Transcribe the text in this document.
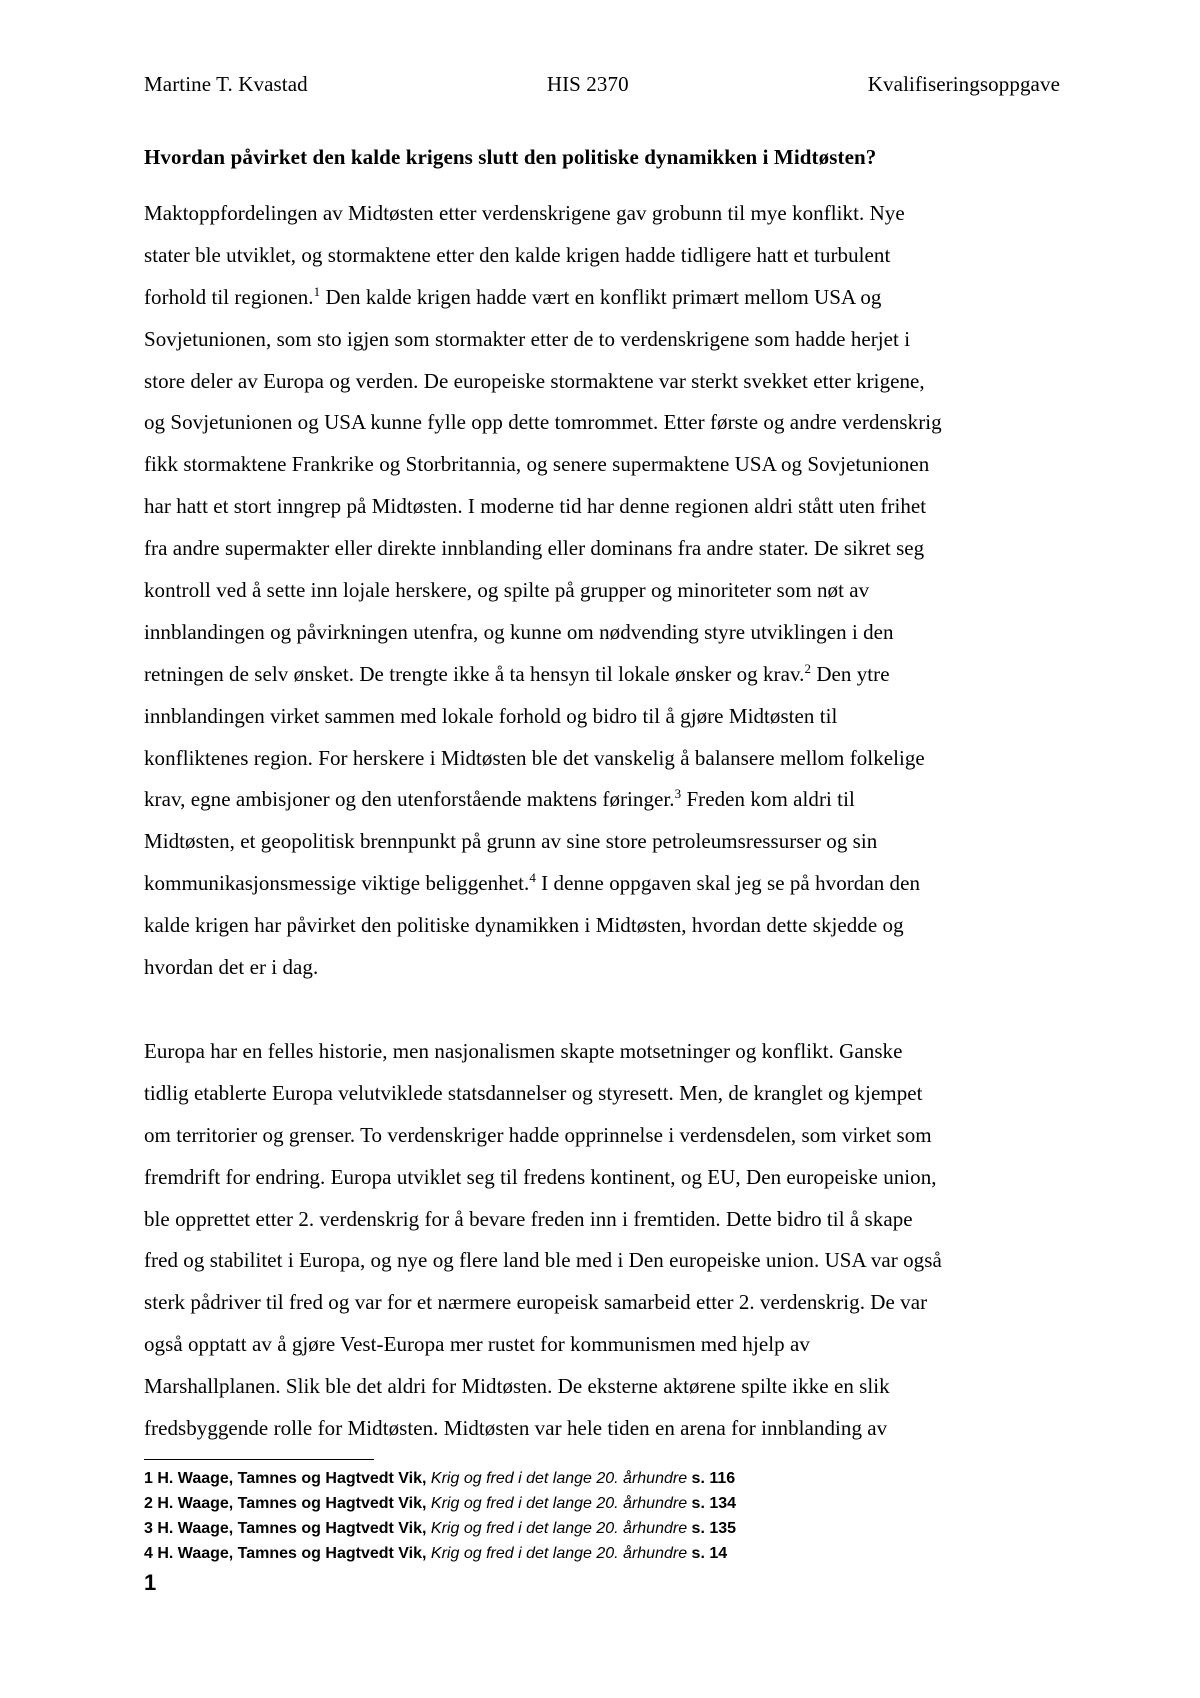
Martine T. Kvastad	HIS 2370	Kvalifiseringsoppgave
Hvordan påvirket den kalde krigens slutt den politiske dynamikken i Midtøsten?
Maktoppfordelingen av Midtøsten etter verdenskrigene gav grobunn til mye konflikt. Nye
stater ble utviklet, og stormaktene etter den kalde krigen hadde tidligere hatt et turbulent
forhold til regionen.$^1$ Den kalde krigen hadde vært en konflikt primært mellom USA og
Sovjetunionen, som sto igjen som stormakter etter de to verdenskrigene som hadde herjet i
store deler av Europa og verden. De europeiske stormaktene var sterkt svekket etter krigene,
og Sovjetunionen og USA kunne fylle opp dette tomrommet. Etter første og andre verdenskrig
fikk stormaktene Frankrike og Storbritannia, og senere supermaktene USA og Sovjetunionen
har hatt et stort inngrep på Midtøsten. I moderne tid har denne regionen aldri stått uten frihet
fra andre supermakter eller direkte innblanding eller dominans fra andre stater. De sikret seg
kontroll ved å sette inn lojale herskere, og spilte på grupper og minoriteter som nøt av
innblandingen og påvirkningen utenfra, og kunne om nødvending styre utviklingen i den
retningen de selv ønsket. De trengte ikke å ta hensyn til lokale ønsker og krav.$^2$ Den ytre
innblandingen virket sammen med lokale forhold og bidro til å gjøre Midtøsten til
konfliktenes region. For herskere i Midtøsten ble det vanskelig å balansere mellom folkelige
krav, egne ambisjoner og den utenforstående maktens føringer.$^3$ Freden kom aldri til
Midtøsten, et geopolitisk brennpunkt på grunn av sine store petroleumsressurser og sin
kommunikasjonsmessige viktige beliggenhet.$^4$ I denne oppgaven skal jeg se på hvordan den
kalde krigen har påvirket den politiske dynamikken i Midtøsten, hvordan dette skjedde og
hvordan det er i dag.
Europa har en felles historie, men nasjonalismen skapte motsetninger og konflikt. Ganske
tidlig etablerte Europa velutviklede statsdannelser og styresett. Men, de kranglet og kjempet
om territorier og grenser. To verdenskriger hadde opprinnelse i verdensdelen, som virket som
fremdrift for endring. Europa utviklet seg til fredens kontinent, og EU, Den europeiske union,
ble opprettet etter 2. verdenskrig for å bevare freden inn i fremtiden. Dette bidro til å skape
fred og stabilitet i Europa, og nye og flere land ble med i Den europeiske union. USA var også
sterk pådriver til fred og var for et nærmere europeisk samarbeid etter 2. verdenskrig. De var
også opptatt av å gjøre Vest-Europa mer rustet for kommunismen med hjelp av
Marshallplanen. Slik ble det aldri for Midtøsten. De eksterne aktørene spilte ikke en slik
fredsbyggende rolle for Midtøsten. Midtøsten var hele tiden en arena for innblanding av
1 H. Waage, Tamnes og Hagtvedt Vik, Krig og fred i det lange 20. århundre s. 116
2 H. Waage, Tamnes og Hagtvedt Vik, Krig og fred i det lange 20. århundre s. 134
3 H. Waage, Tamnes og Hagtvedt Vik, Krig og fred i det lange 20. århundre s. 135
4 H. Waage, Tamnes og Hagtvedt Vik, Krig og fred i det lange 20. århundre s. 14
1
